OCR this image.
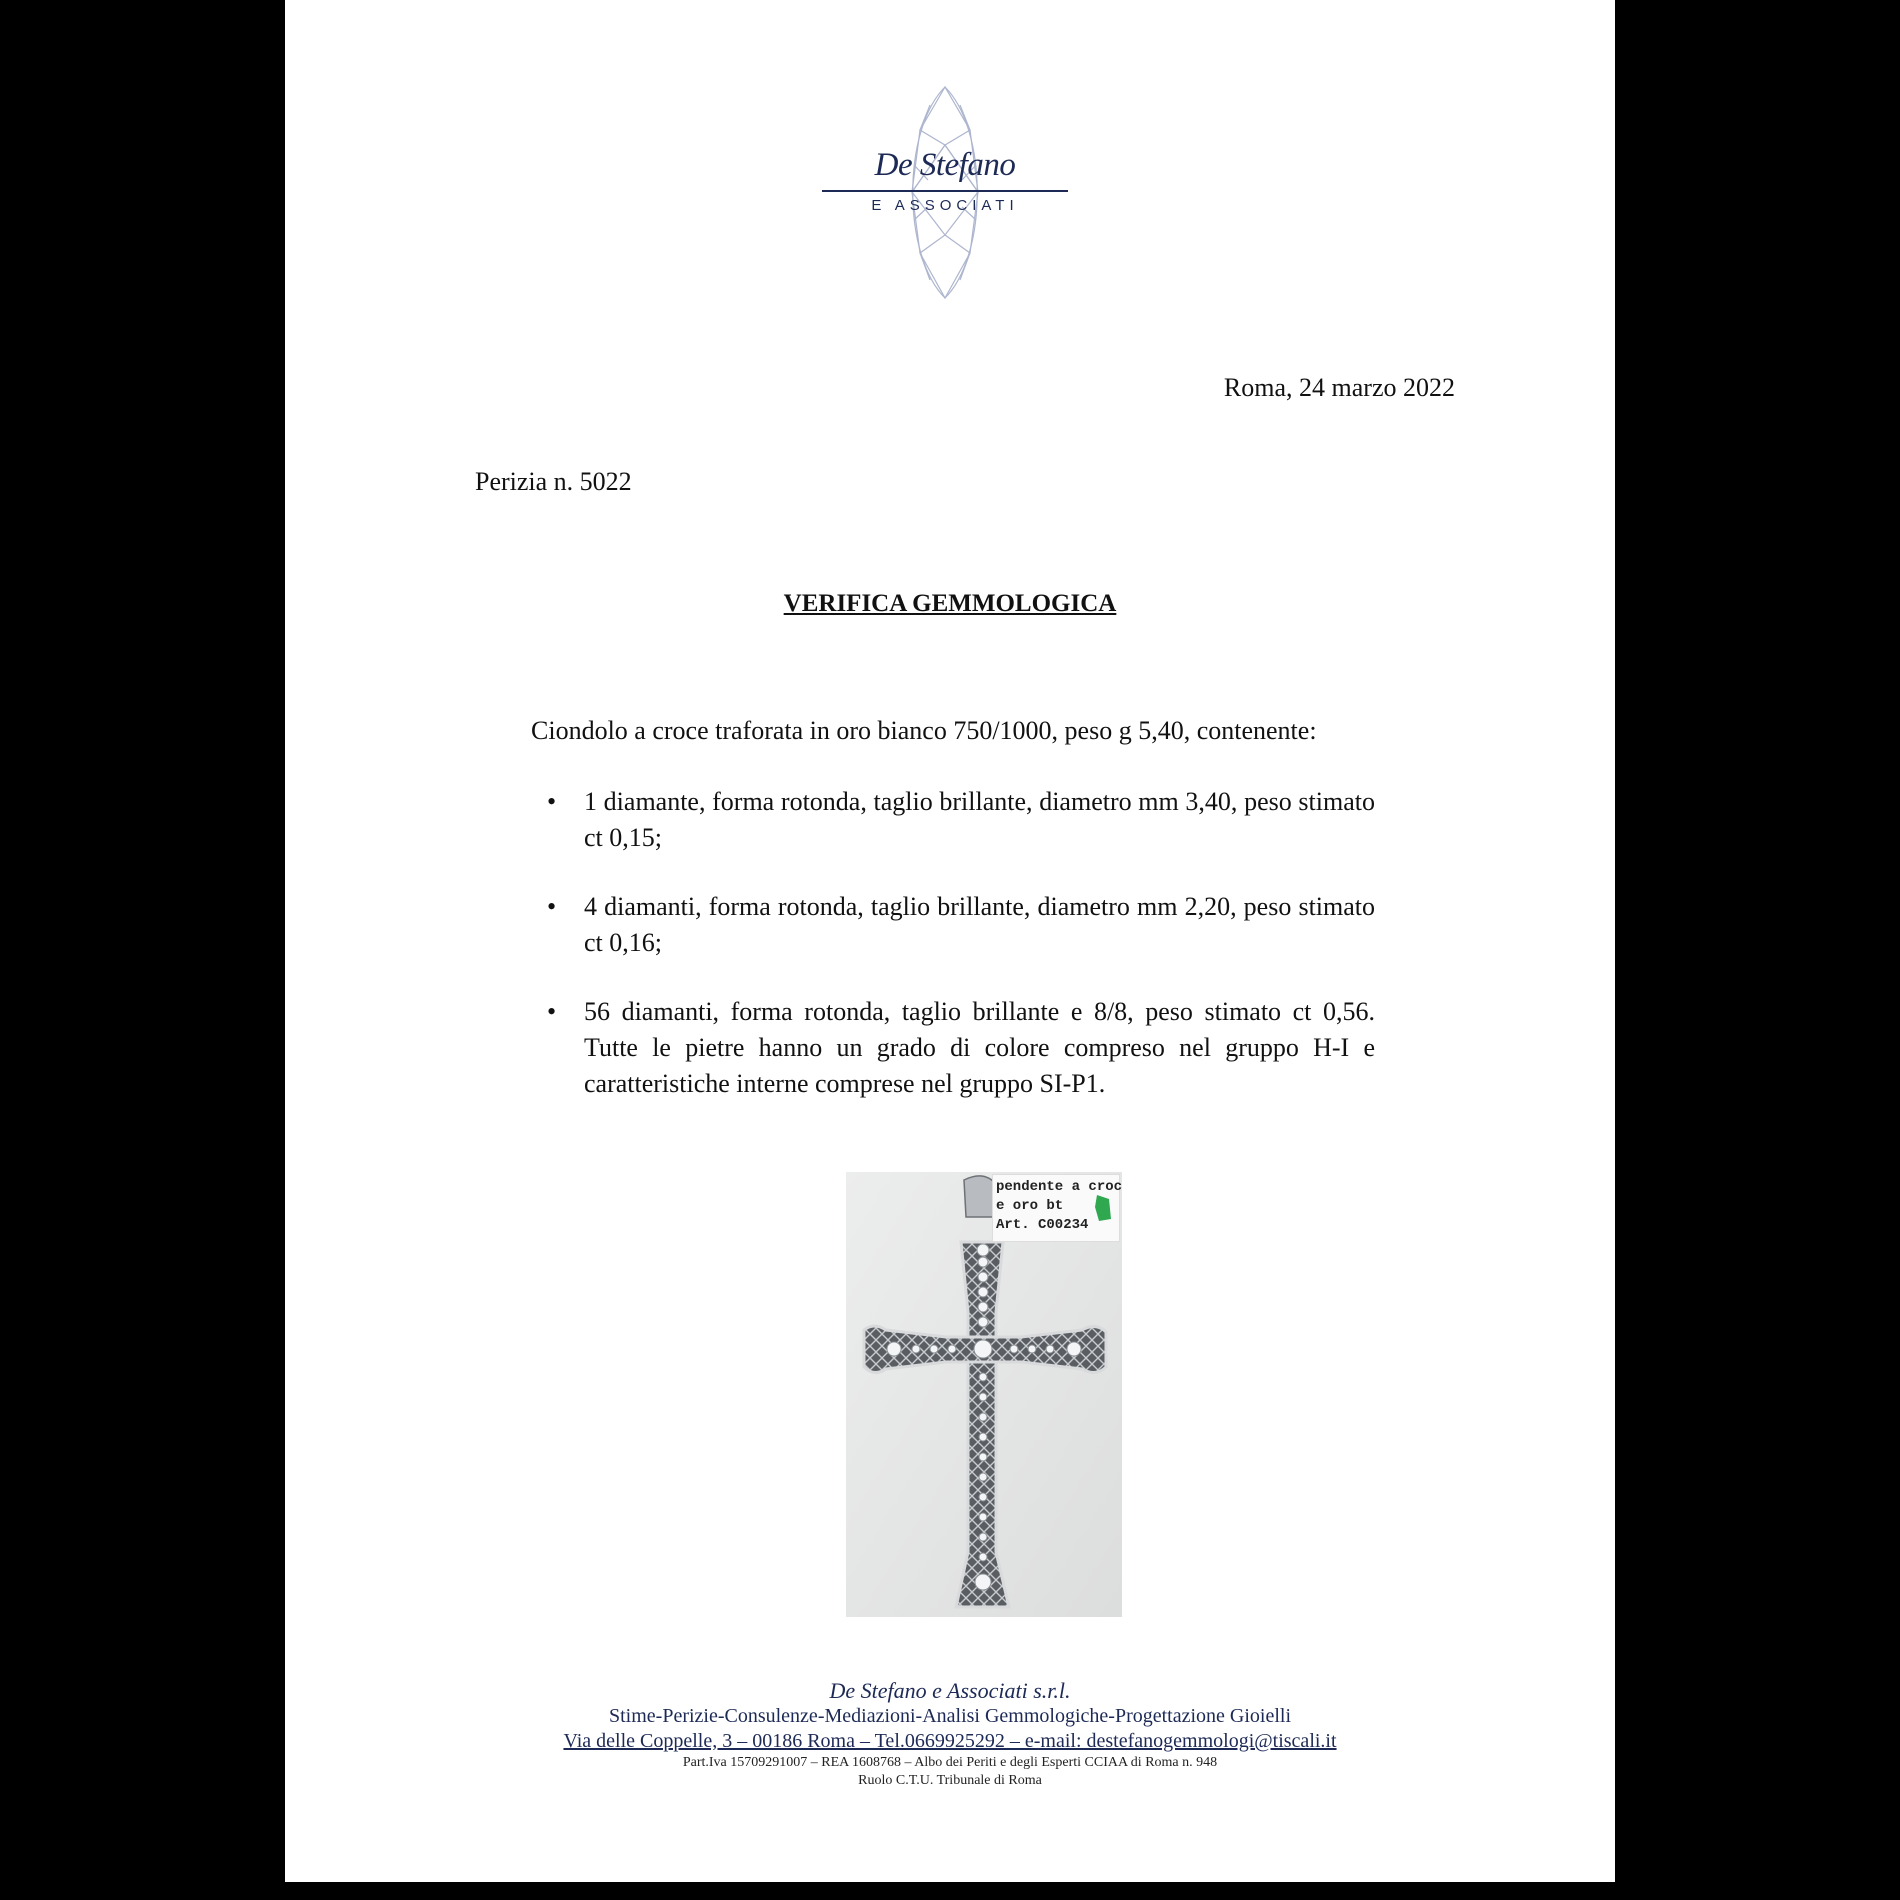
De Stefano
E ASSOCIATI
Roma, 24 marzo 2022
Perizia n. 5022
VERIFICA GEMMOLOGICA
Ciondolo a croce traforata in oro bianco 750/1000, peso g 5,40, contenente:
• 1 diamante, forma rotonda, taglio brillante, diametro mm 3,40, peso stimato ct 0,15;
• 4 diamanti, forma rotonda, taglio brillante, diametro mm 2,20, peso stimato ct 0,16;
• 56 diamanti, forma rotonda, taglio brillante e 8/8, peso stimato ct 0,56. Tutte le pietre hanno un grado di colore compreso nel gruppo H-I e caratteristiche interne comprese nel gruppo SI-P1.
pendente a croc
e oro bt
Art. C00234
De Stefano e Associati s.r.l.
Stime-Perizie-Consulenze-Mediazioni-Analisi Gemmologiche-Progettazione Gioielli
Via delle Coppelle, 3 – 00186 Roma – Tel.0669925292 – e-mail: destefanogemmologi@tiscali.it
Part.Iva 15709291007 – REA 1608768 – Albo dei Periti e degli Esperti CCIAA di Roma n. 948
Ruolo C.T.U. Tribunale di Roma
